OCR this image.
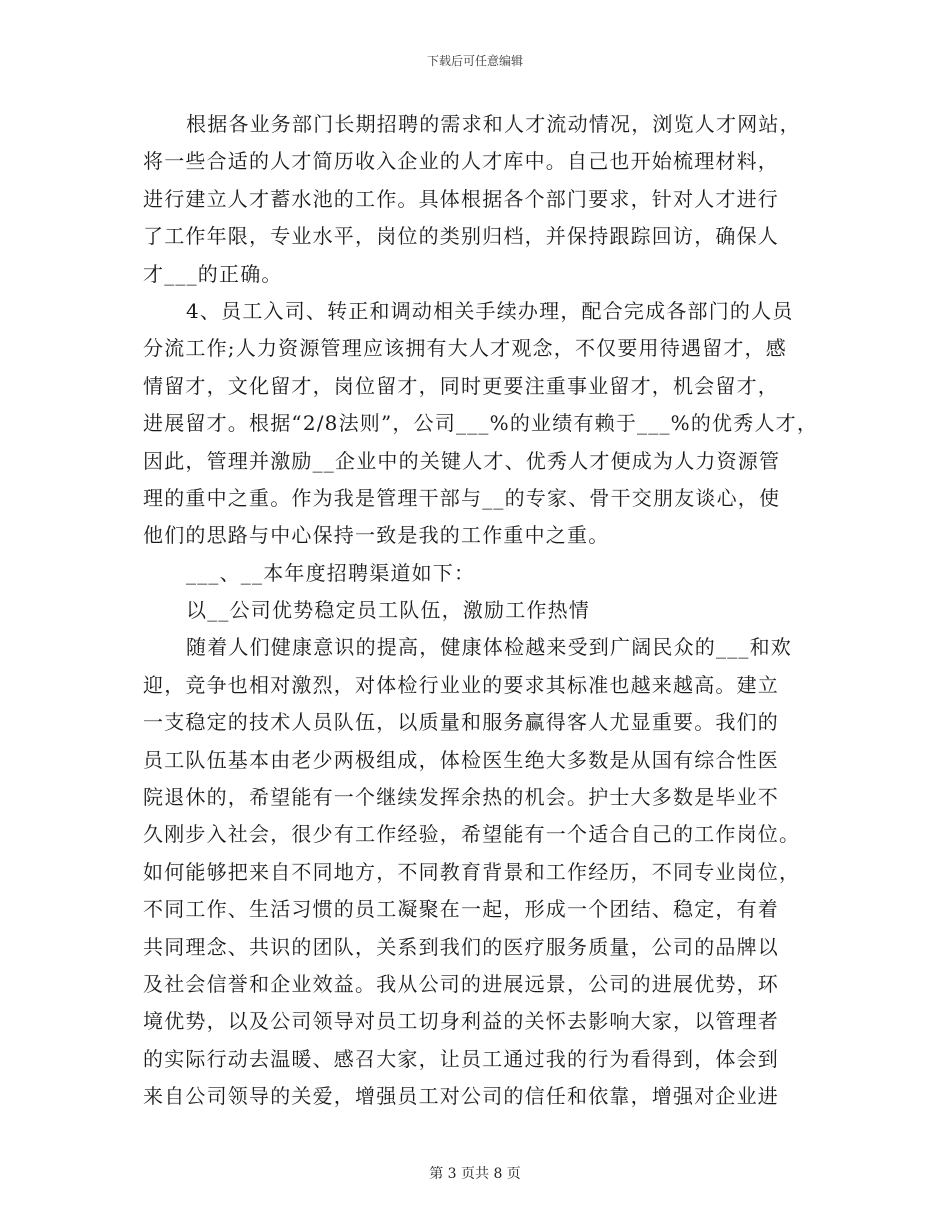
下载后可任意编辑
根据各业务部门长期招聘的需求和人才流动情况，浏览人才网站，
将一些合适的人才简历收入企业的人才库中。自己也开始梳理材料，
进行建立人才蓄水池的工作。具体根据各个部门要求，针对人才进行
了工作年限，专业水平，岗位的类别归档，并保持跟踪回访，确保人
才___的正确。
4、员工入司、转正和调动相关手续办理，配合完成各部门的人员
分流工作;人力资源管理应该拥有大人才观念，不仅要用待遇留才，感
情留才，文化留才，岗位留才，同时更要注重事业留才，机会留才，
进展留才。根据“2/8法则”，公司___%的业绩有赖于___%的优秀人才，
因此，管理并激励__企业中的关键人才、优秀人才便成为人力资源管
理的重中之重。作为我是管理干部与__的专家、骨干交朋友谈心，使
他们的思路与中心保持一致是我的工作重中之重。
___、__本年度招聘渠道如下：
以__公司优势稳定员工队伍，激励工作热情
随着人们健康意识的提高，健康体检越来受到广阔民众的___和欢
迎，竞争也相对激烈，对体检行业业的要求其标准也越来越高。建立
一支稳定的技术人员队伍，以质量和服务赢得客人尤显重要。我们的
员工队伍基本由老少两极组成，体检医生绝大多数是从国有综合性医
院退休的，希望能有一个继续发挥余热的机会。护士大多数是毕业不
久刚步入社会，很少有工作经验，希望能有一个适合自己的工作岗位。
如何能够把来自不同地方，不同教育背景和工作经历，不同专业岗位，
不同工作、生活习惯的员工凝聚在一起，形成一个团结、稳定，有着
共同理念、共识的团队，关系到我们的医疗服务质量，公司的品牌以
及社会信誉和企业效益。我从公司的进展远景，公司的进展优势，环
境优势，以及公司领导对员工切身利益的关怀去影响大家，以管理者
的实际行动去温暖、感召大家，让员工通过我的行为看得到，体会到
来自公司领导的关爱，增强员工对公司的信任和依靠，增强对企业进
第 3 页共 8 页
